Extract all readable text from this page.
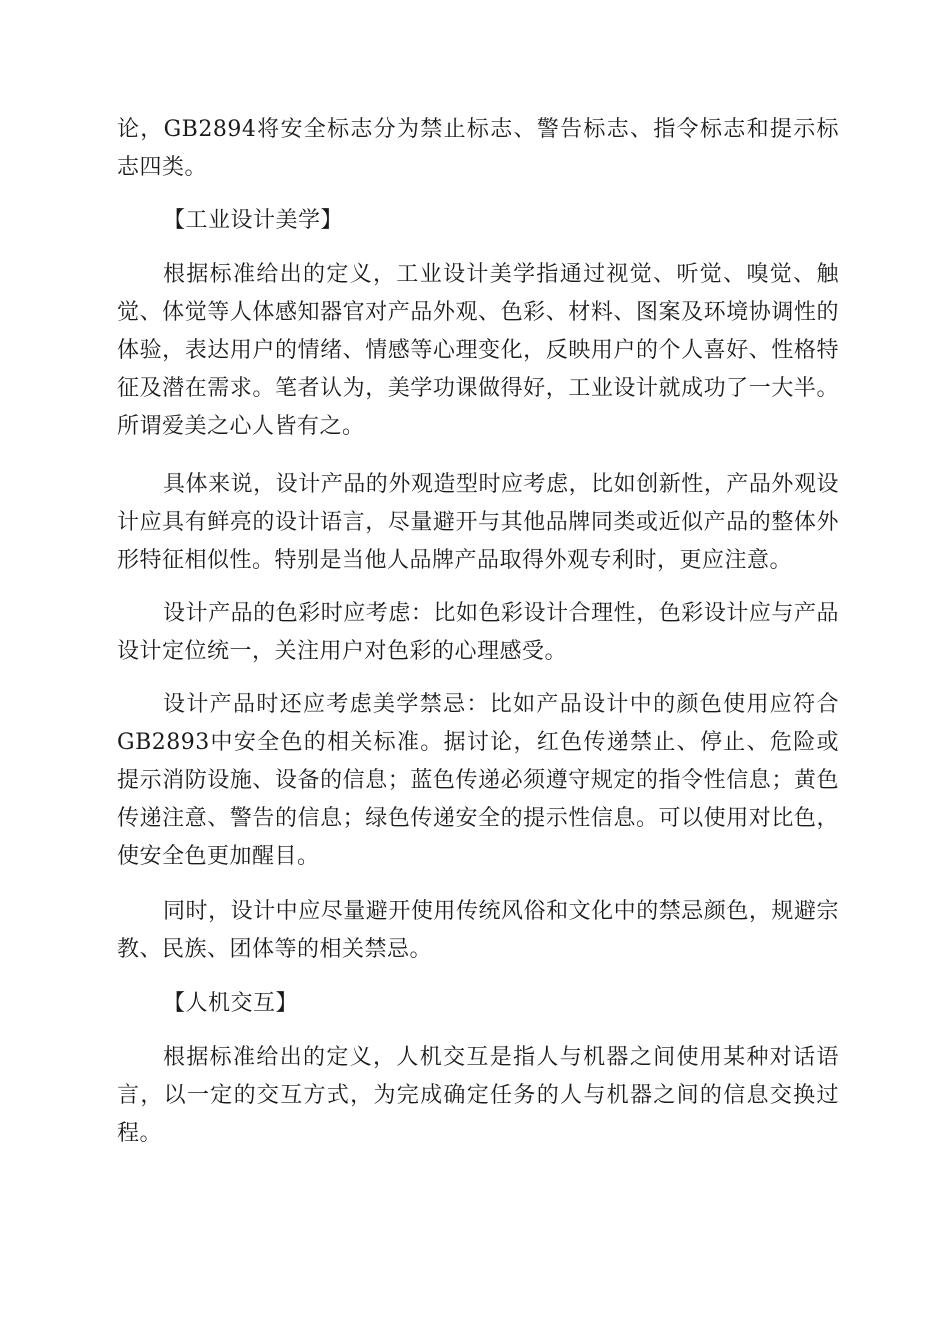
论，GB2894将安全标志分为禁止标志、警告标志、指令标志和提示标志四类。

【工业设计美学】

根据标准给出的定义，工业设计美学指通过视觉、听觉、嗅觉、触觉、体觉等人体感知器官对产品外观、色彩、材料、图案及环境协调性的体验，表达用户的情绪、情感等心理变化，反映用户的个人喜好、性格特征及潜在需求。笔者认为，美学功课做得好，工业设计就成功了一大半。所谓爱美之心人皆有之。

具体来说，设计产品的外观造型时应考虑，比如创新性，产品外观设计应具有鲜亮的设计语言，尽量避开与其他品牌同类或近似产品的整体外形特征相似性。特别是当他人品牌产品取得外观专利时，更应注意。

设计产品的色彩时应考虑：比如色彩设计合理性，色彩设计应与产品设计定位统一，关注用户对色彩的心理感受。

设计产品时还应考虑美学禁忌：比如产品设计中的颜色使用应符合GB2893中安全色的相关标准。据讨论，红色传递禁止、停止、危险或提示消防设施、设备的信息；蓝色传递必须遵守规定的指令性信息；黄色传递注意、警告的信息；绿色传递安全的提示性信息。可以使用对比色，使安全色更加醒目。

同时，设计中应尽量避开使用传统风俗和文化中的禁忌颜色，规避宗教、民族、团体等的相关禁忌。

【人机交互】

根据标准给出的定义，人机交互是指人与机器之间使用某种对话语言，以一定的交互方式，为完成确定任务的人与机器之间的信息交换过程。
